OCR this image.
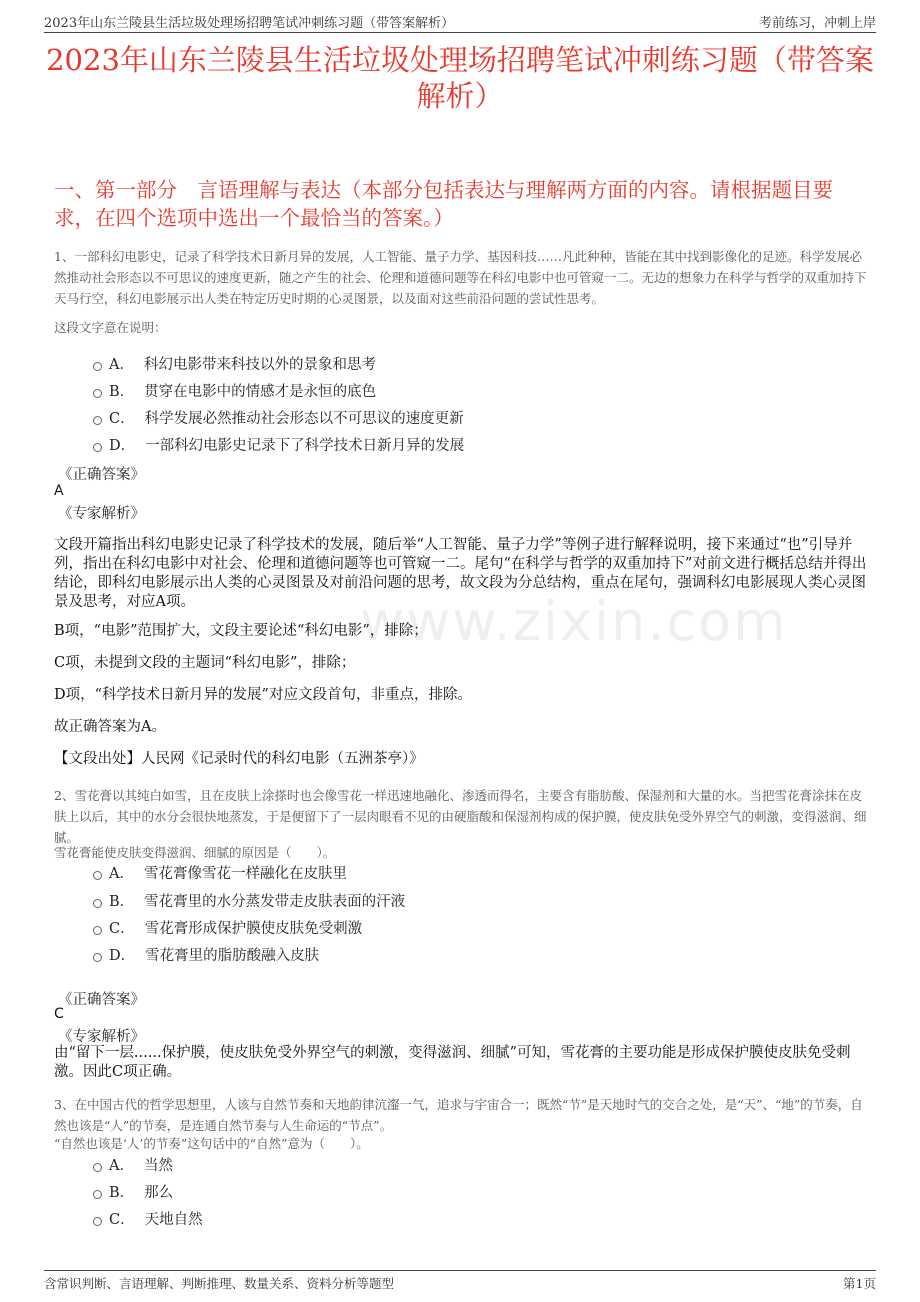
2023年山东兰陵县生活垃圾处理场招聘笔试冲刺练习题（带答案解析）	考前练习，冲刺上岸
2023年山东兰陵县生活垃圾处理场招聘笔试冲刺练习题（带答案解析）
一、第一部分　言语理解与表达（本部分包括表达与理解两方面的内容。请根据题目要求，在四个选项中选出一个最恰当的答案。）
www.zixin.com
1、一部科幻电影史，记录了科学技术日新月异的发展，人工智能、量子力学、基因科技……凡此种种，皆能在其中找到影像化的足迹。科学发展必然推动社会形态以不可思议的速度更新，随之产生的社会、伦理和道德问题等在科幻电影中也可管窥一二。无边的想象力在科学与哲学的双重加持下天马行空，科幻电影展示出人类在特定历史时期的心灵图景，以及面对这些前沿问题的尝试性思考。
这段文字意在说明：
A． 科幻电影带来科技以外的景象和思考
B． 贯穿在电影中的情感才是永恒的底色
C． 科学发展必然推动社会形态以不可思议的速度更新
D． 一部科幻电影史记录下了科学技术日新月异的发展
《正确答案》
A
《专家解析》
文段开篇指出科幻电影史记录了科学技术的发展，随后举“人工智能、量子力学”等例子进行解释说明，接下来通过“也”引导并列，指出在科幻电影中对社会、伦理和道德问题等也可管窥一二。尾句“在科学与哲学的双重加持下”对前文进行概括总结并得出结论，即科幻电影展示出人类的心灵图景及对前沿问题的思考，故文段为分总结构，重点在尾句，强调科幻电影展现人类心灵图景及思考，对应A项。
B项，“电影”范围扩大，文段主要论述“科幻电影”，排除；
C项，未提到文段的主题词“科幻电影”，排除；
D项，“科学技术日新月异的发展”对应文段首句，非重点，排除。
故正确答案为A。
【文段出处】人民网《记录时代的科幻电影（五洲茶亭）》
2、雪花膏以其纯白如雪，且在皮肤上涂搽时也会像雪花一样迅速地融化、渗透而得名，主要含有脂肪酸、保湿剂和大量的水。当把雪花膏涂抹在皮肤上以后，其中的水分会很快地蒸发，于是便留下了一层肉眼看不见的由硬脂酸和保湿剂构成的保护膜，使皮肤免受外界空气的刺激，变得滋润、细腻。
雪花膏能使皮肤变得滋润、细腻的原因是（　　）。
A． 雪花膏像雪花一样融化在皮肤里
B． 雪花膏里的水分蒸发带走皮肤表面的汗液
C． 雪花膏形成保护膜使皮肤免受刺激
D． 雪花膏里的脂肪酸融入皮肤
《正确答案》
C
《专家解析》
由“留下一层......保护膜，使皮肤免受外界空气的刺激，变得滋润、细腻”可知，雪花膏的主要功能是形成保护膜使皮肤免受刺激。因此C项正确。
3、在中国古代的哲学思想里，人该与自然节奏和天地韵律沆瀣一气，追求与宇宙合一；既然“节”是天地时气的交合之处，是“天”、“地”的节奏，自然也该是“人”的节奏，是连通自然节奏与人生命运的“节点”。
“自然也该是‘人’的节奏”这句话中的“自然”意为（　　）。
A． 当然
B． 那么
C． 天地自然
含常识判断、言语理解、判断推理、数量关系、资料分析等题型	第1页
